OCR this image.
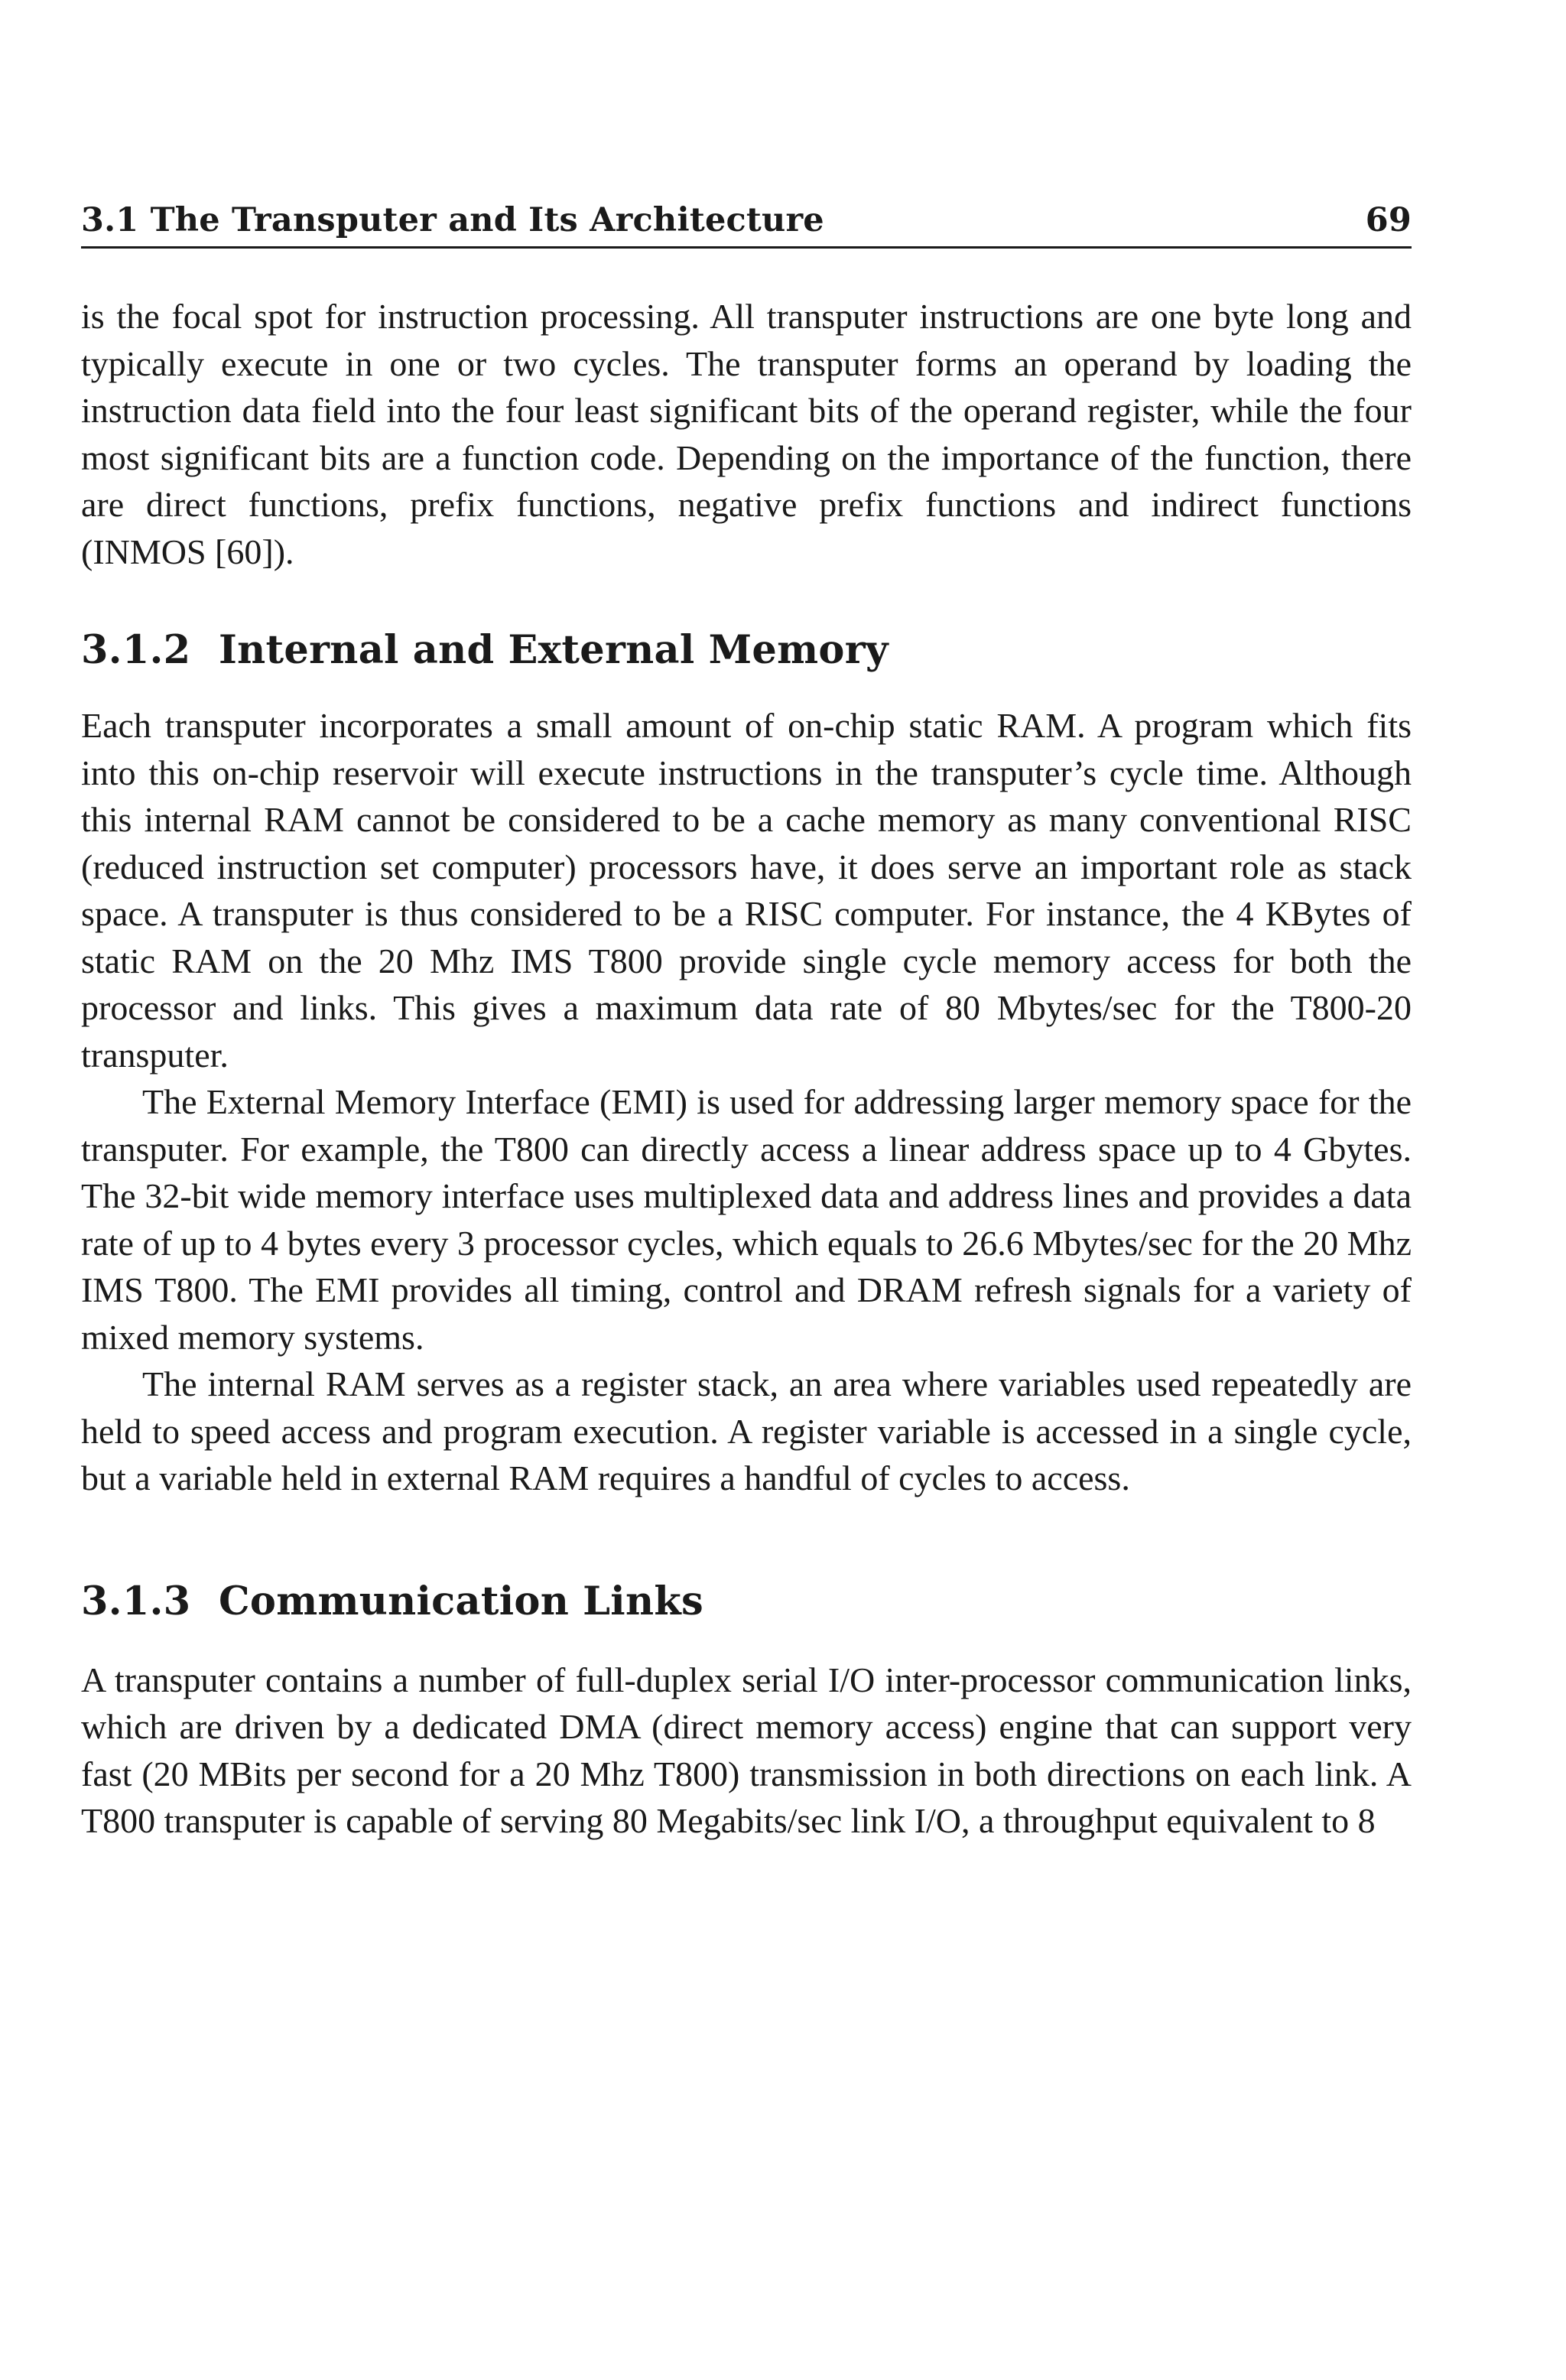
3.1 The Transputer and Its Architecture	69

is the focal spot for instruction processing. All transputer instructions are one byte long and typically execute in one or two cycles. The transputer forms an operand by loading the instruction data field into the four least significant bits of the operand register, while the four most significant bits are a function code. Depending on the importance of the function, there are direct functions, prefix functions, negative prefix functions and indirect functions (INMOS [60]).

3.1.2 Internal and External Memory

Each transputer incorporates a small amount of on-chip static RAM. A program which fits into this on-chip reservoir will execute instructions in the transputer’s cycle time. Although this internal RAM cannot be considered to be a cache memory as many conventional RISC (reduced instruction set computer) processors have, it does serve an important role as stack space. A transputer is thus considered to be a RISC computer. For instance, the 4 KBytes of static RAM on the 20 Mhz IMS T800 provide single cycle memory access for both the processor and links. This gives a maximum data rate of 80 Mbytes/sec for the T800-20 transputer.

The External Memory Interface (EMI) is used for addressing larger memory space for the transputer. For example, the T800 can directly access a linear address space up to 4 Gbytes. The 32-bit wide memory interface uses multiplexed data and address lines and provides a data rate of up to 4 bytes every 3 processor cycles, which equals to 26.6 Mbytes/sec for the 20 Mhz IMS T800. The EMI provides all timing, control and DRAM refresh signals for a variety of mixed memory systems.

The internal RAM serves as a register stack, an area where variables used repeatedly are held to speed access and program execution. A register variable is accessed in a single cycle, but a variable held in external RAM requires a handful of cycles to access.

3.1.3 Communication Links

A transputer contains a number of full-duplex serial I/O inter-processor communication links, which are driven by a dedicated DMA (direct memory access) engine that can support very fast (20 MBits per second for a 20 Mhz T800) transmission in both directions on each link. A T800 transputer is capable of serving 80 Megabits/sec link I/O, a throughput equivalent to 8
